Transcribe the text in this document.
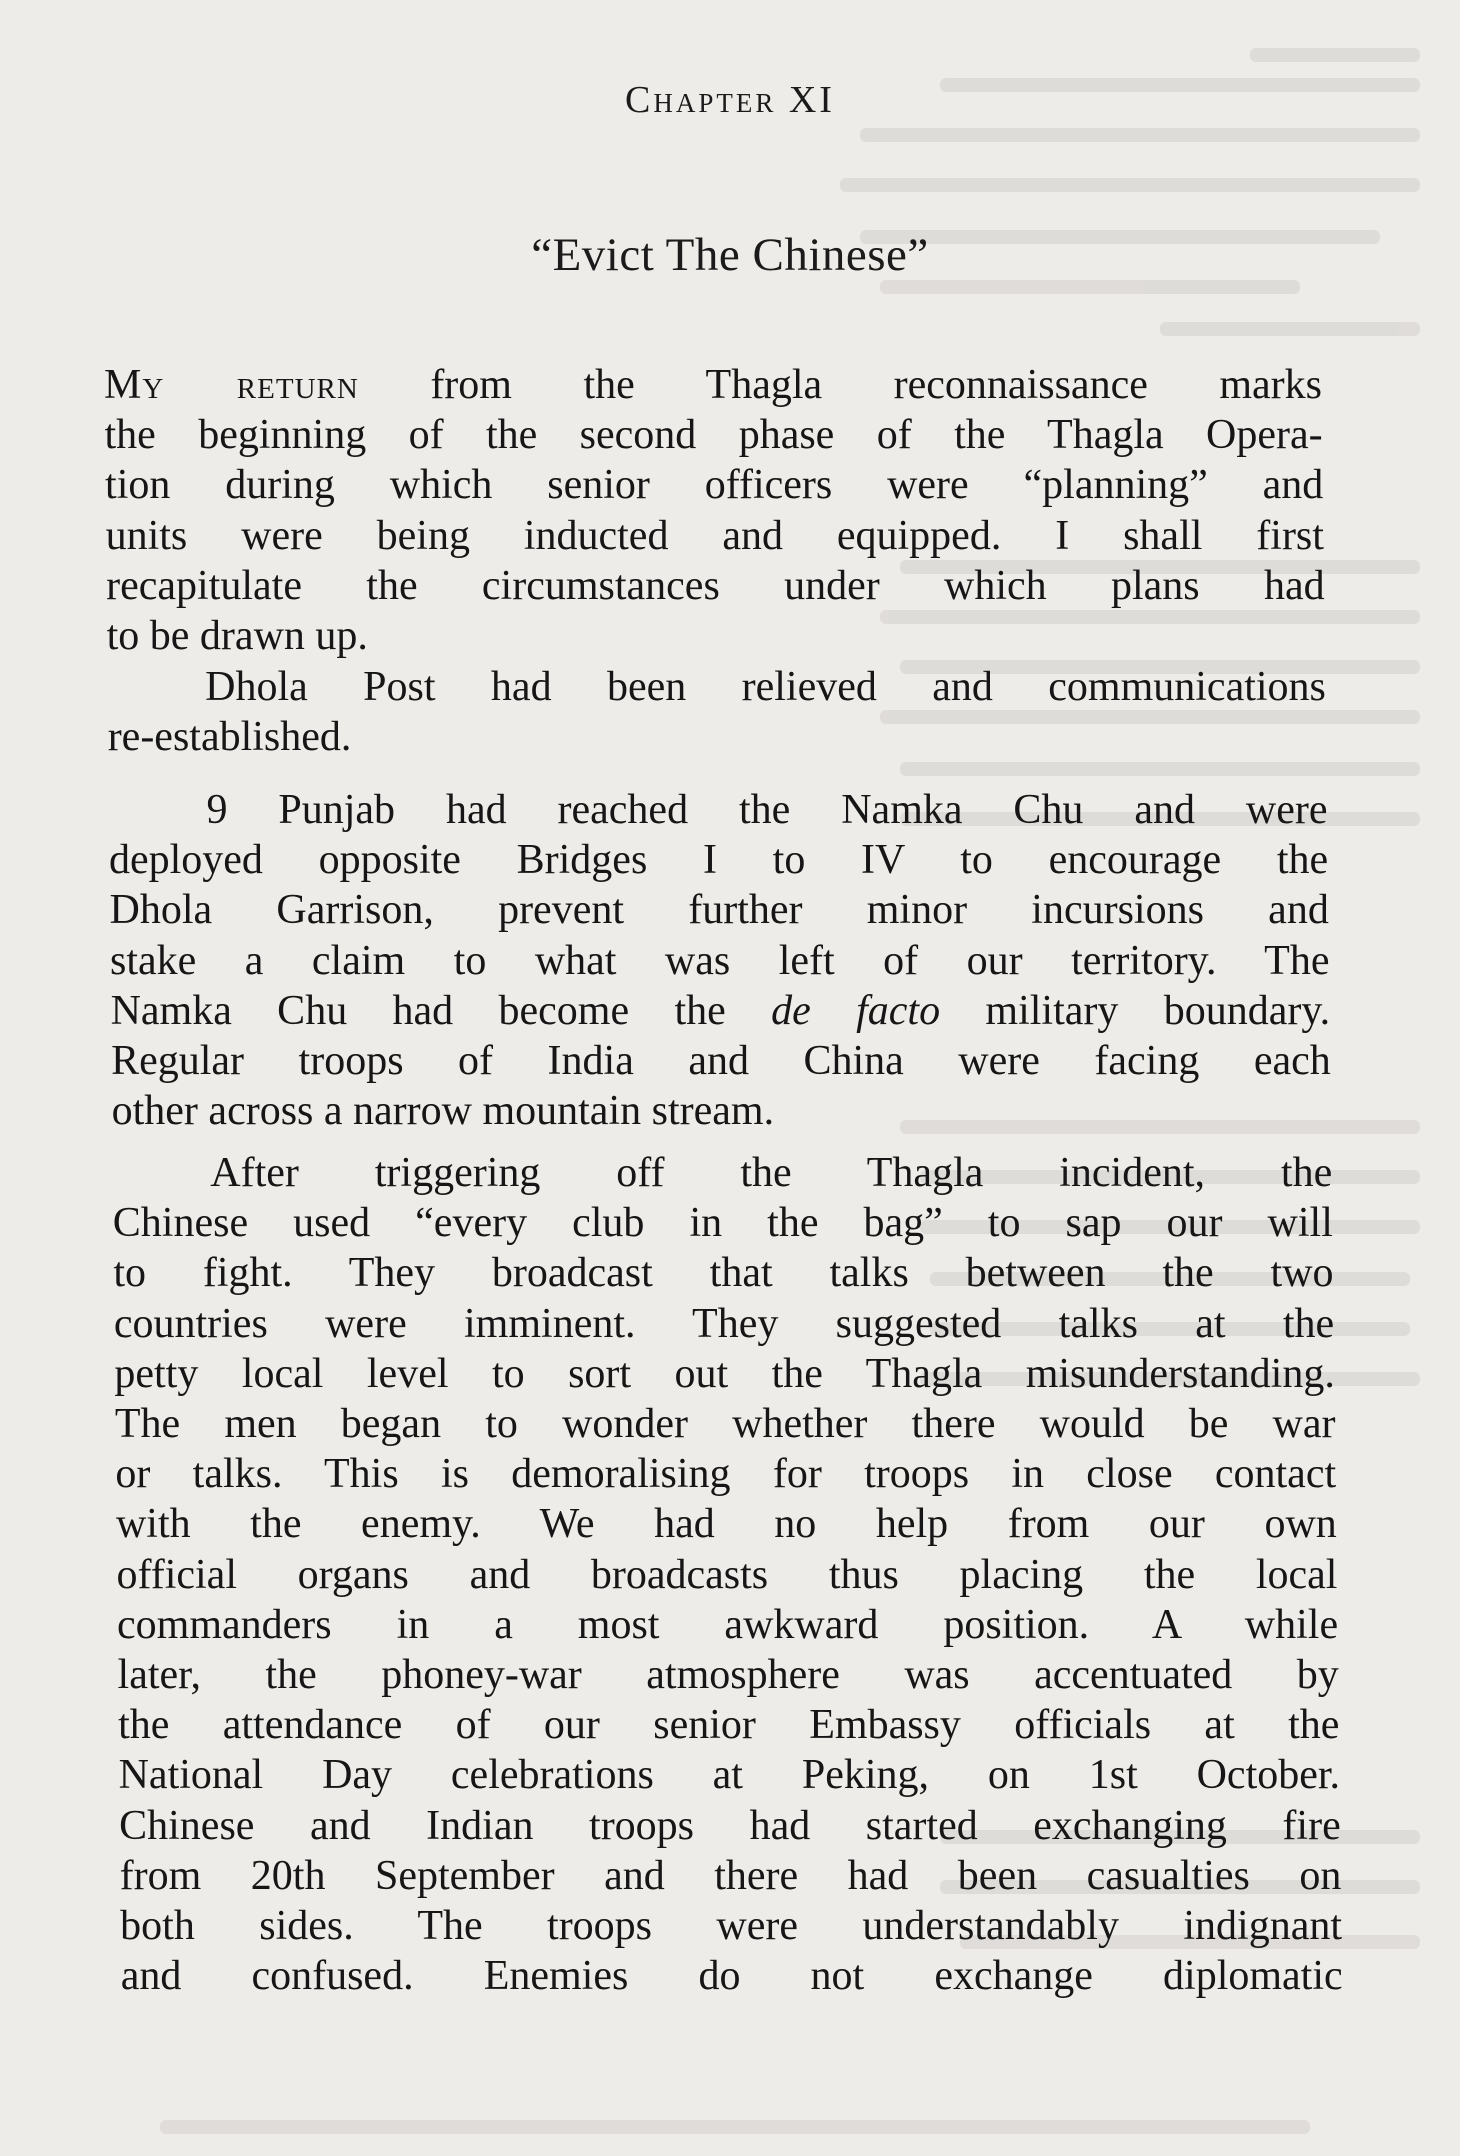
Chapter XI
“Evict The Chinese”
My return from the Thagla reconnaissance marks
the beginning of the second phase of the Thagla Opera-
tion during which senior officers were “planning” and
units were being inducted and equipped. I shall first
recapitulate the circumstances under which plans had
to be drawn up.
Dhola Post had been relieved and communications
re-established.
9 Punjab had reached the Namka Chu and were
deployed opposite Bridges I to IV to encourage the
Dhola Garrison, prevent further minor incursions and
stake a claim to what was left of our territory. The
Namka Chu had become the de facto military boundary.
Regular troops of India and China were facing each
other across a narrow mountain stream.
After triggering off the Thagla incident, the
Chinese used “every club in the bag” to sap our will
to fight. They broadcast that talks between the two
countries were imminent. They suggested talks at the
petty local level to sort out the Thagla misunderstanding.
The men began to wonder whether there would be war
or talks. This is demoralising for troops in close contact
with the enemy. We had no help from our own
official organs and broadcasts thus placing the local
commanders in a most awkward position. A while
later, the phoney-war atmosphere was accentuated by
the attendance of our senior Embassy officials at the
National Day celebrations at Peking, on 1st October.
Chinese and Indian troops had started exchanging fire
from 20th September and there had been casualties on
both sides. The troops were understandably indignant
and confused. Enemies do not exchange diplomatic
